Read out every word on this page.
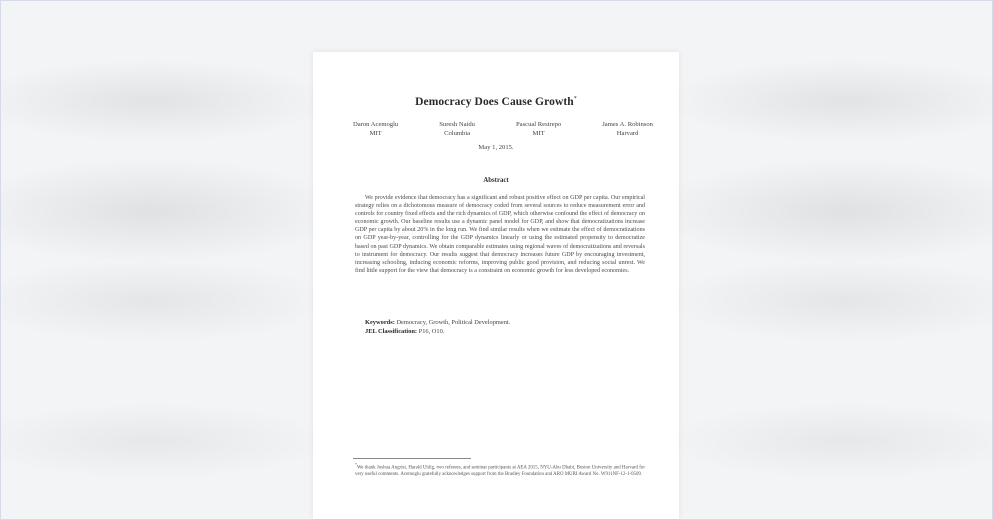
Democracy Does Cause Growth*
Daron Acemoglu
MIT
Suresh Naidu
Columbia
Pascual Restrepo
MIT
James A. Robinson
Harvard
May 1, 2015.
Abstract
We provide evidence that democracy has a significant and robust positive effect on GDP per capita. Our empirical strategy relies on a dichotomous measure of democracy coded from several sources to reduce measurement error and controls for country fixed effects and the rich dynamics of GDP, which otherwise confound the effect of democracy on economic growth. Our baseline results use a dynamic panel model for GDP, and show that democratizations increase GDP per capita by about 20% in the long run. We find similar results when we estimate the effect of democratizations on GDP year-by-year, controlling for the GDP dynamics linearly or using the estimated propensity to democratize based on past GDP dynamics. We obtain comparable estimates using regional waves of democratizations and reversals to instrument for democracy. Our results suggest that democracy increases future GDP by encouraging investment, increasing schooling, inducing economic reforms, improving public good provision, and reducing social unrest. We find little support for the view that democracy is a constraint on economic growth for less developed economies.
Keywords: Democracy, Growth, Political Development.
JEL Classification: P16, O10.
*We thank Joshua Angrist, Harald Uhlig, two referees, and seminar participants at AEA 2015, NYU-Abu Dhabi, Boston University and Harvard for very useful comments. Acemoglu gratefully acknowledges support from the Bradley Foundation and ARO MURI Award No. W911NF-12-1-0509.
